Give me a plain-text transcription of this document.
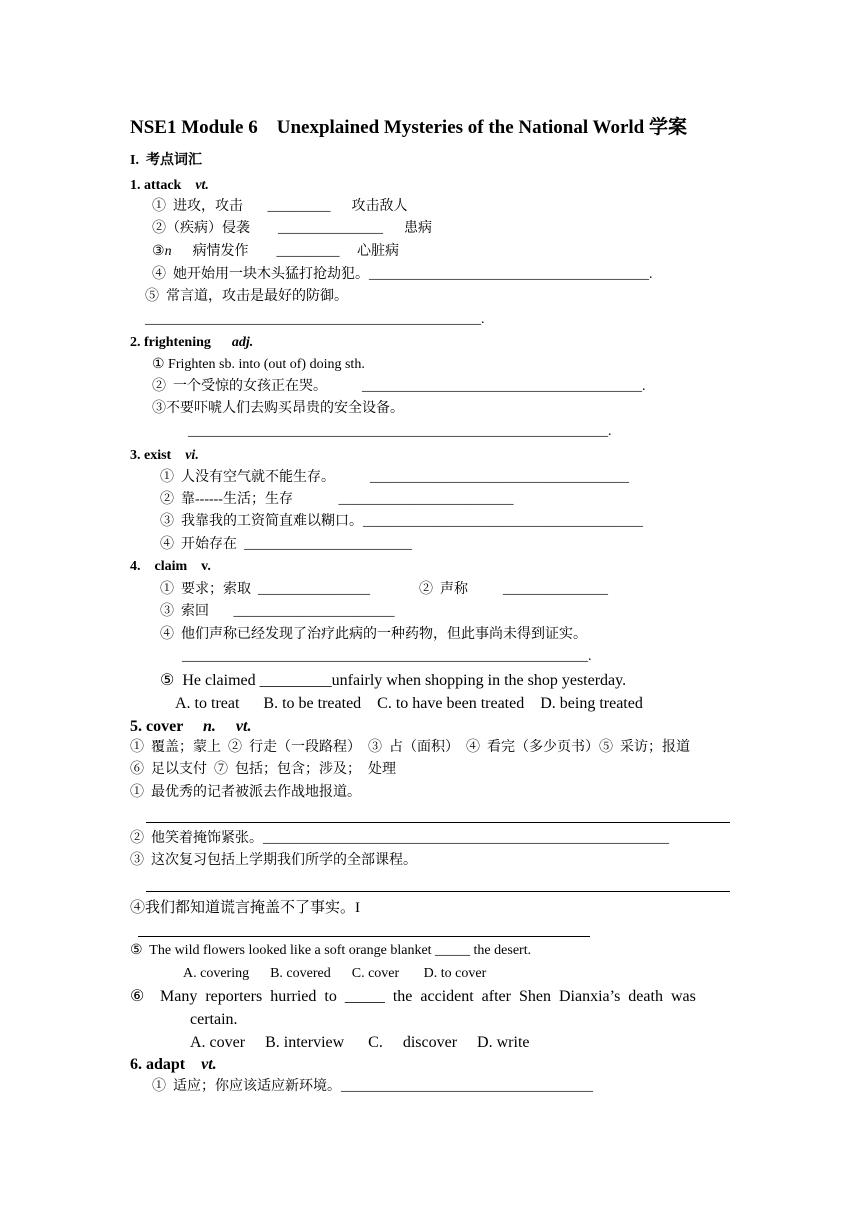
NSE1 Module 6    Unexplained Mysteries of the National World 学案
I.  考点词汇
1. attack vt.
①  进攻，攻击       _________      攻击敌人
②（疾病）侵袭        _______________      患病
③n      病情发作        _________     心脏病
④  她开始用一块木头猛打抢劫犯。________________________________________.
⑤  常言道，攻击是最好的防御。
________________________________________________.
2. frightening adj.
① Frighten sb. into (out of) doing sth.
②  一个受惊的女孩正在哭。          ________________________________________.
③不要吓唬人们去购买昂贵的安全设备。
____________________________________________________________.
3. exist vi.
①  人没有空气就不能生存。          _____________________________________
②  靠------生活；生存             _________________________
③  我靠我的工资简直难以糊口。________________________________________
④  开始存在  ________________________
4.    claim    v.
①  要求；索取  ________________              ②  声称          _______________
③  索回       _______________________
④  他们声称已经发现了治疗此病的一种药物，但此事尚未得到证实。
__________________________________________________________.
⑤  He claimed _________unfairly when shopping in the shop yesterday.
A. to treat      B. to be treated    C. to have been treated    D. being treated
5. cover n.     vt.
①  覆盖；蒙上  ②  行走（一段路程）  ③  占（面积）  ④  看完（多少页书）⑤  采访；报道
⑥  足以支付  ⑦  包括；包含；涉及；  处理
①  最优秀的记者被派去作战地报道。
②  他笑着掩饰紧张。__________________________________________________________
③  这次复习包括上学期我们所学的全部课程。
④我们都知道谎言掩盖不了事实。I
⑤  The wild flowers looked like a soft orange blanket _____ the desert.
A. covering      B. covered      C. cover       D. to cover
⑥ Many  reporters  hurried  to  _____  the  accident  after  Shen  Dianxia’s  death  was
certain.
A. cover     B. interview      C.     discover     D. write
6. adapt vt.
①  适应；你应该适应新环境。____________________________________
